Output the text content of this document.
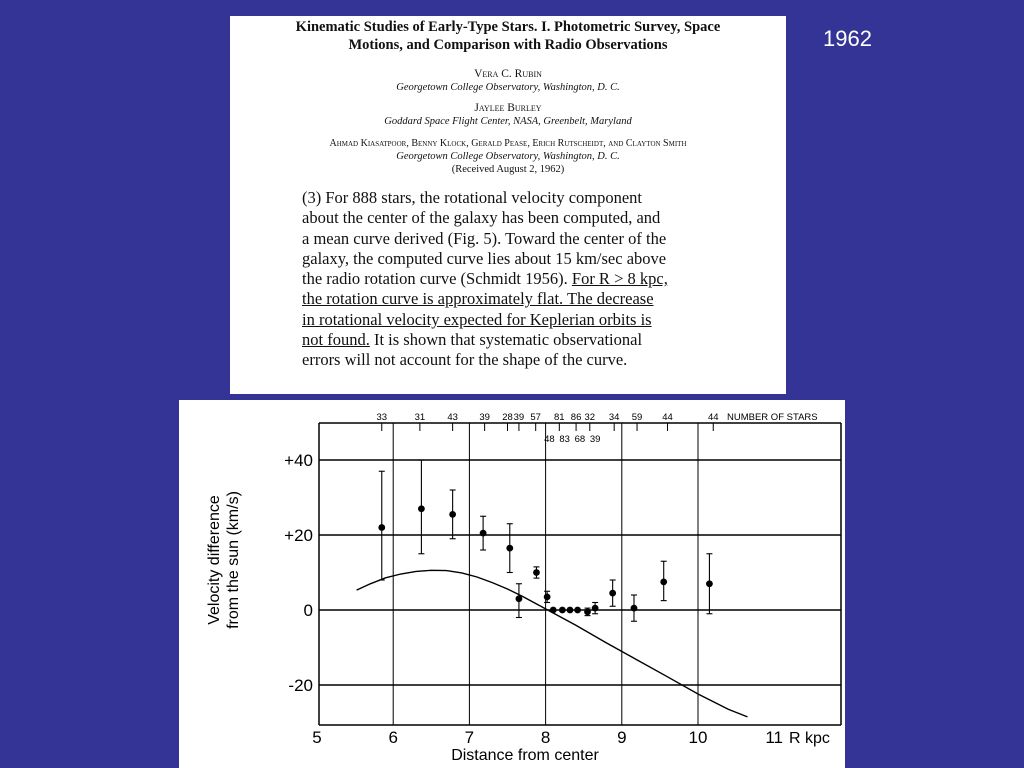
1962
Kinematic Studies of Early-Type Stars. I. Photometric Survey, Space
Motions, and Comparison with Radio Observations
Vera C. Rubin
Georgetown College Observatory, Washington, D. C.
Jaylee Burley
Goddard Space Flight Center, NASA, Greenbelt, Maryland
Ahmad Kiasatpoor, Benny Klock, Gerald Pease, Erich Rutscheidt, and Clayton Smith
Georgetown College Observatory, Washington, D. C.
(Received August 2, 1962)
(3) For 888 stars, the rotational velocity component
about the center of the galaxy has been computed, and
a mean curve derived (Fig. 5). Toward the center of the
galaxy, the computed curve lies about 15 km/sec above
the radio rotation curve (Schmidt 1956). For R > 8 kpc,
the rotation curve is approximately flat. The decrease
in rotational velocity expected for Keplerian orbits is
not found. It is shown that systematic observational
errors will not account for the shape of the curve.
+40
+20
0
-20
5	6	7	8	9	10	11 R kpc
33	31 43 39 28 39 57 81 86 32 34 59 44	44
48 83 68 39
NUMBER OF STARS
Velocity difference from the sun (km/s)
Distance from center
